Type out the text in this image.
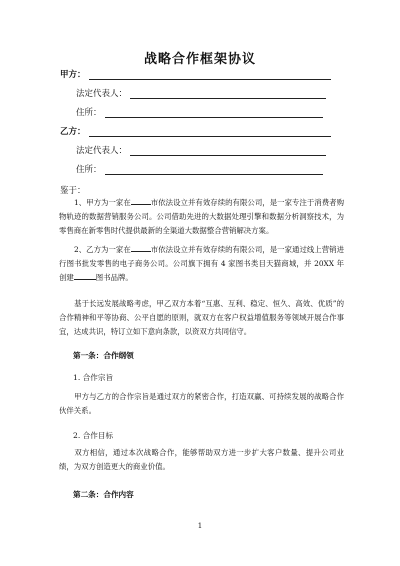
战略合作框架协议
甲方：
法定代表人：
住所：
乙方：
法定代表人：
住所：
鉴于：
1、甲方为一家在	市依法设立并有效存续的有限公司，是一家专注于消费者购物轨迹的数据营销服务公司。公司借助先进的大数据处理引擎和数据分析洞察技术，为零售商在新零售时代提供最新的全渠道大数据整合营销解决方案。
2、乙方为一家在	市依法设立并有效存续的有限公司，是一家通过线上营销进行图书批发零售的电子商务公司。公司旗下拥有 4 家图书类目天猫商城，并 20XX 年创建	图书品牌。
基于长远发展战略考虑，甲乙双方本着“互惠、互利、稳定、恒久、高效、优质”的合作精神和平等协商、公平自愿的原则，就双方在客户权益增值服务等领域开展合作事宜，达成共识，特订立如下意向条款，以资双方共同信守。
第一条：合作纲领
1. 合作宗旨
甲方与乙方的合作宗旨是通过双方的紧密合作，打造双赢、可持续发展的战略合作伙伴关系。
2. 合作目标
双方相信，通过本次战略合作，能够帮助双方进一步扩大客户数量、提升公司业绩，为双方创造更大的商业价值。
第二条：合作内容
1
